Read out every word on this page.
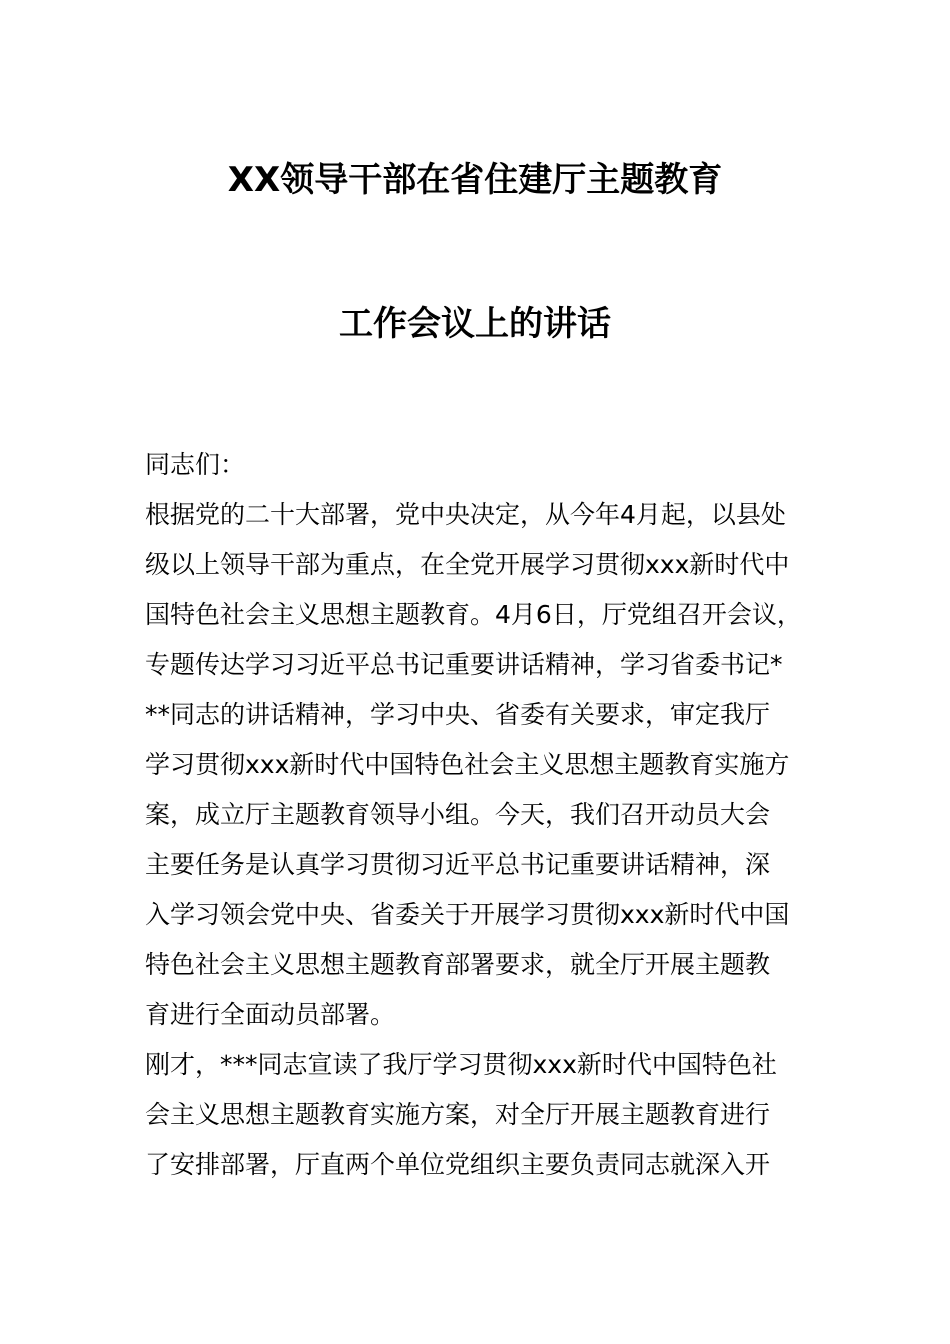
XX领导干部在省住建厅主题教育
工作会议上的讲话
同志们：
根据党的二十大部署，党中央决定，从今年4月起，以县处
级以上领导干部为重点，在全党开展学习贯彻xxx新时代中
国特色社会主义思想主题教育。4月6日，厅党组召开会议，
专题传达学习习近平总书记重要讲话精神，学习省委书记*
**同志的讲话精神，学习中央、省委有关要求，审定我厅
学习贯彻xxx新时代中国特色社会主义思想主题教育实施方
案，成立厅主题教育领导小组。今天，我们召开动员大会
主要任务是认真学习贯彻习近平总书记重要讲话精神，深
入学习领会党中央、省委关于开展学习贯彻xxx新时代中国
特色社会主义思想主题教育部署要求，就全厅开展主题教
育进行全面动员部署。
刚才，***同志宣读了我厅学习贯彻xxx新时代中国特色社
会主义思想主题教育实施方案，对全厅开展主题教育进行
了安排部署，厅直两个单位党组织主要负责同志就深入开
